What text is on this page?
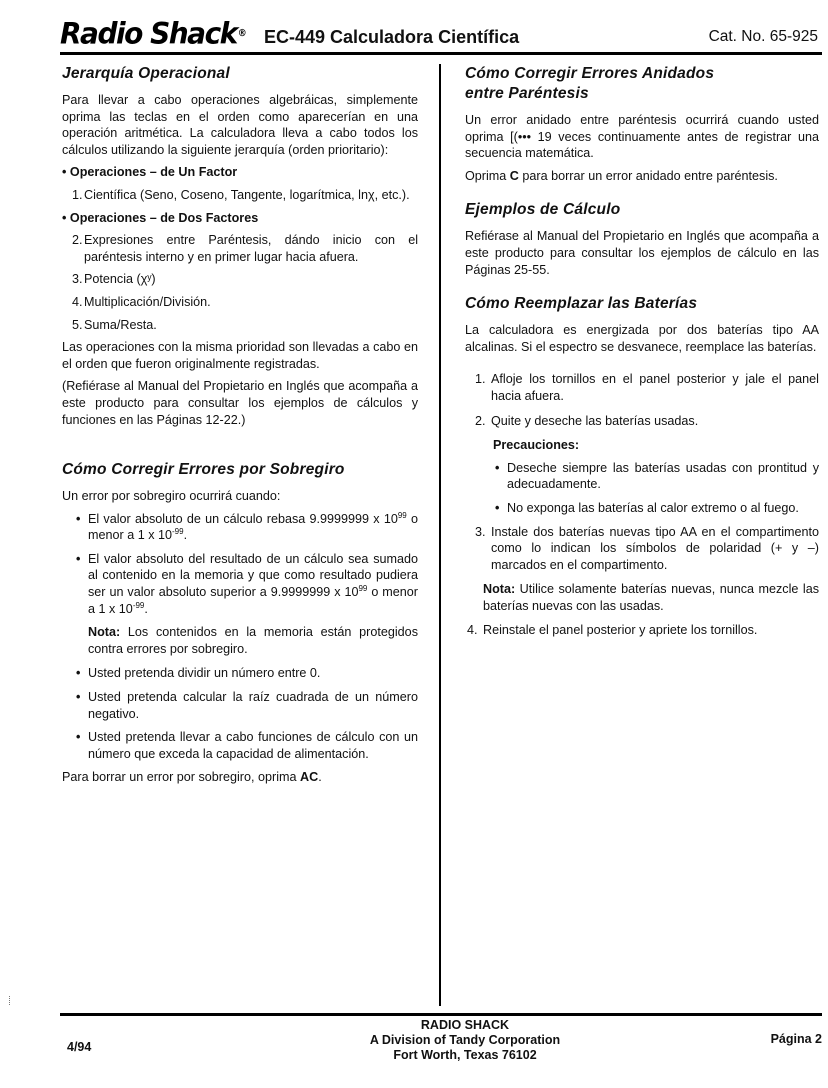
Radio Shack® EC-449 Calculadora Científica	Cat. No. 65-925
Jerarquía Operacional

Para llevar a cabo operaciones algebráicas, simplemente oprima las teclas en el orden como aparecerían en una operación aritmética. La calculadora lleva a cabo todos los cálculos utilizando la siguiente jerarquía (orden prioritario):

• Operaciones – de Un Factor
1. Científica (Seno, Coseno, Tangente, logarítmica, lnχ, etc.).
• Operaciones – de Dos Factores
2. Expresiones entre Paréntesis, dándo inicio con el paréntesis interno y en primer lugar hacia afuera.
3. Potencia (χʸ)
4. Multiplicación/División.
5. Suma/Resta.

Las operaciones con la misma prioridad son llevadas a cabo en el orden que fueron originalmente registradas.

(Refiérase al Manual del Propietario en Inglés que acompaña a este producto para consultar los ejemplos de cálculos y funciones en las Páginas 12-22.)

Cómo Corregir Errores por Sobregiro

Un error por sobregiro ocurrirá cuando:

• El valor absoluto de un cálculo rebasa 9.9999999 x $10^{99}$ o menor a 1 x $10^{-99}$.
• El valor absoluto del resultado de un cálculo sea sumado al contenido en la memoria y que como resultado pudiera ser un valor absoluto superior a 9.9999999 x $10^{99}$ o menor a 1 x $10^{-99}$.
Nota: Los contenidos en la memoria están protegidos contra errores por sobregiro.
• Usted pretenda dividir un número entre 0.
• Usted pretenda calcular la raíz cuadrada de un número negativo.
• Usted pretenda llevar a cabo funciones de cálculo con un número que exceda la capacidad de alimentación.

Para borrar un error por sobregiro, oprima AC.

Cómo Corregir Errores Anidados
entre Paréntesis

Un error anidado entre paréntesis ocurrirá cuando usted oprima [(••• 19 veces continuamente antes de registrar una secuencia matemática.

Oprima C para borrar un error anidado entre paréntesis.

Ejemplos de Cálculo

Refiérase al Manual del Propietario en Inglés que acompaña a este producto para consultar los ejemplos de cálculo en las Páginas 25-55.

Cómo Reemplazar las Baterías

La calculadora es energizada por dos baterías tipo AA alcalinas. Si el espectro se desvanece, reemplace las baterías.

1. Afloje los tornillos en el panel posterior y jale el panel hacia afuera.
2. Quite y deseche las baterías usadas.
Precauciones:
• Deseche siempre las baterías usadas con prontitud y adecuadamente.
• No exponga las baterías al calor extremo o al fuego.
3. Instale dos baterías nuevas tipo AA en el compartimento como lo indican los símbolos de polaridad (+ y –) marcados en el compartimento.
Nota: Utilice solamente baterías nuevas, nunca mezcle las baterías nuevas con las usadas.
4. Reinstale el panel posterior y apriete los tornillos.
4/94
RADIO SHACK
A Division of Tandy Corporation
Fort Worth, Texas 76102
Página 2
